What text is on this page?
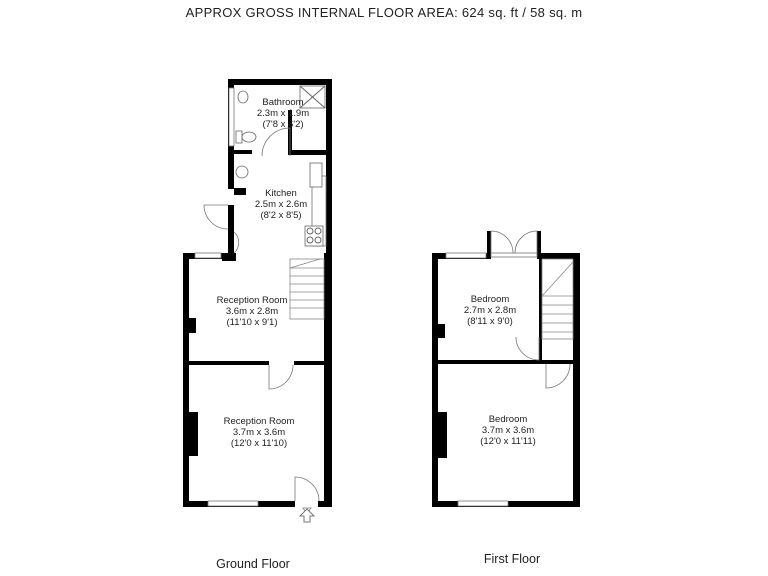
APPROX GROSS INTERNAL FLOOR AREA: 624 sq. ft / 58 sq. m
Bathroom
2.3m x 1.9m
(7'8 x 6'2)
Kitchen
2.5m x 2.6m
(8'2 x 8'5)
Reception Room
3.6m x 2.8m
(11'10 x 9'1)
Reception Room
3.7m x 3.6m
(12'0 x 11'10)
Ground Floor
Bedroom
2.7m x 2.8m
(8'11 x 9'0)
Bedroom
3.7m x 3.6m
(12'0 x 11'11)
First Floor
